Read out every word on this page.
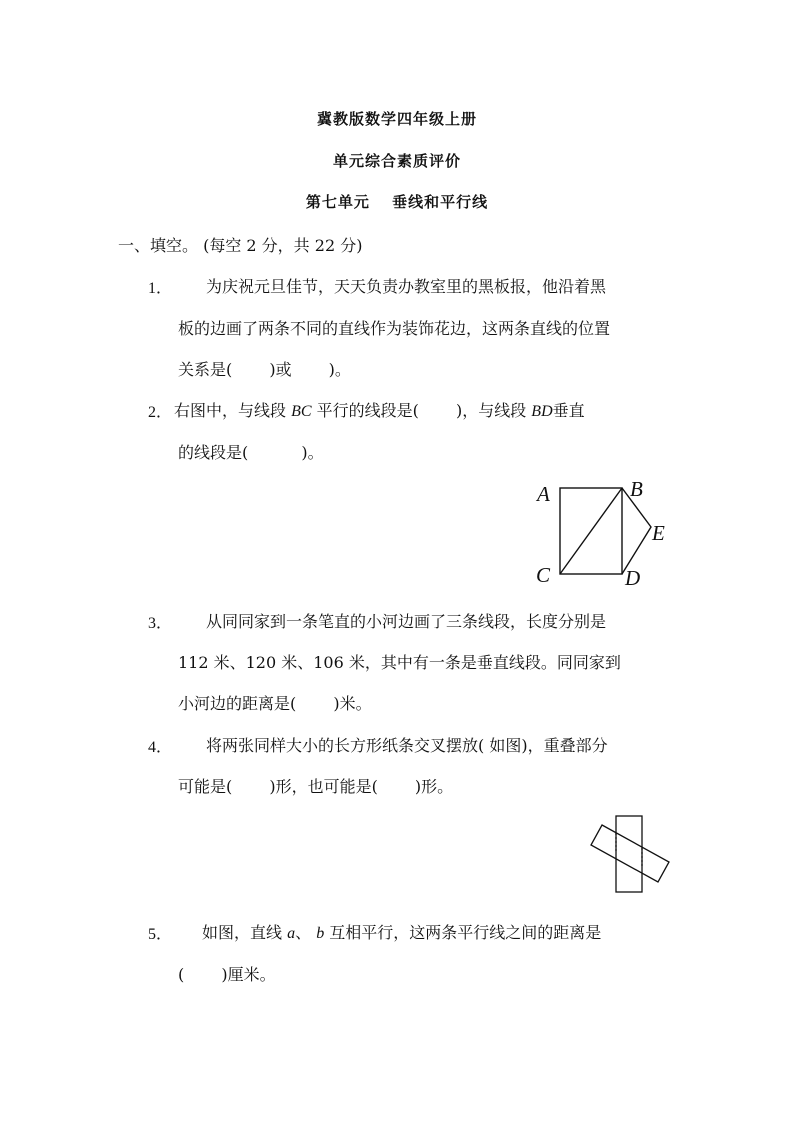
冀教版数学四年级上册
单元综合素质评价
第七单元　 垂线和平行线
一、填空。 (每空 2 分，共 22 分)
1． 为庆祝元旦佳节，天天负责办教室里的黑板报，他沿着黑
板的边画了两条不同的直线作为装饰花边，这两条直线的位置
关系是(　　 )或　　 )。
2． 右图中，与线段 BC 平行的线段是(　　 )，与线段 BD垂直
的线段是(　　　 )。
A	B
E
C	D
3． 从同同家到一条笔直的小河边画了三条线段，长度分别是
112 米、120 米、106 米，其中有一条是垂直线段。同同家到
小河边的距离是(　　 )米。
4． 将两张同样大小的长方形纸条交叉摆放( 如图)，重叠部分
可能是(　　 )形，也可能是(　　 )形。
5． 如图，直线 a、 b 互相平行，这两条平行线之间的距离是
(　　 )厘米。
